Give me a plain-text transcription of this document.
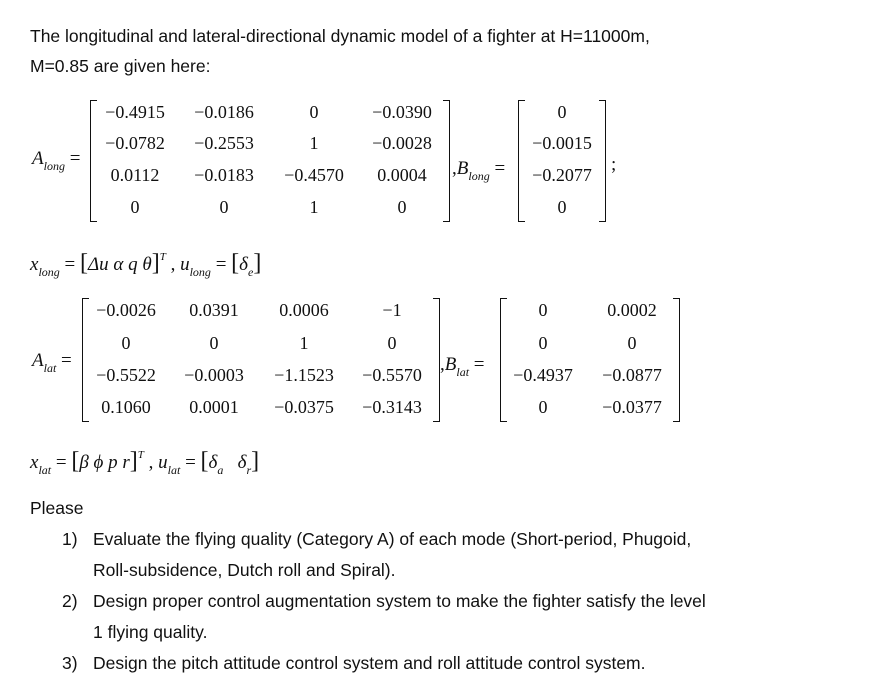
The longitudinal and lateral-directional dynamic model of a fighter at H=11000m,
M=0.85 are given here:
$A_{long}$ =
−0.4915 −0.0186	0	−0.0390
−0.0782 −0.2553	1	−0.0028
0.0112 −0.0183 −0.4570 0.0004
0	0	1	0
$,B_{long}$ =
0
−0.0015
−0.2077
0
;
$x_{long} = [\Delta u$ α q θ]$^T$ , $u_{long} = [\delta_e]$
$A_{lat}$ =
−0.0026 0.0391 0.0006	−1
0	0	1	0
−0.5522 −0.0003 −1.1523 −0.5570
0.1060 0.0001 −0.0375 −0.3143
$,B_{lat}$ =
0	0.0002
0	0
−0.4937 −0.0877
0	−0.0377
$x_{lat} = [\beta$ ϕ p r]$^T$ , $u_{lat} = [\delta_a$ $\delta_r$]
Please
1) Evaluate the flying quality (Category A) of each mode (Short-period, Phugoid,
Roll-subsidence, Dutch roll and Spiral).
2) Design proper control augmentation system to make the fighter satisfy the level
1 flying quality.
3) Design the pitch attitude control system and roll attitude control system.
